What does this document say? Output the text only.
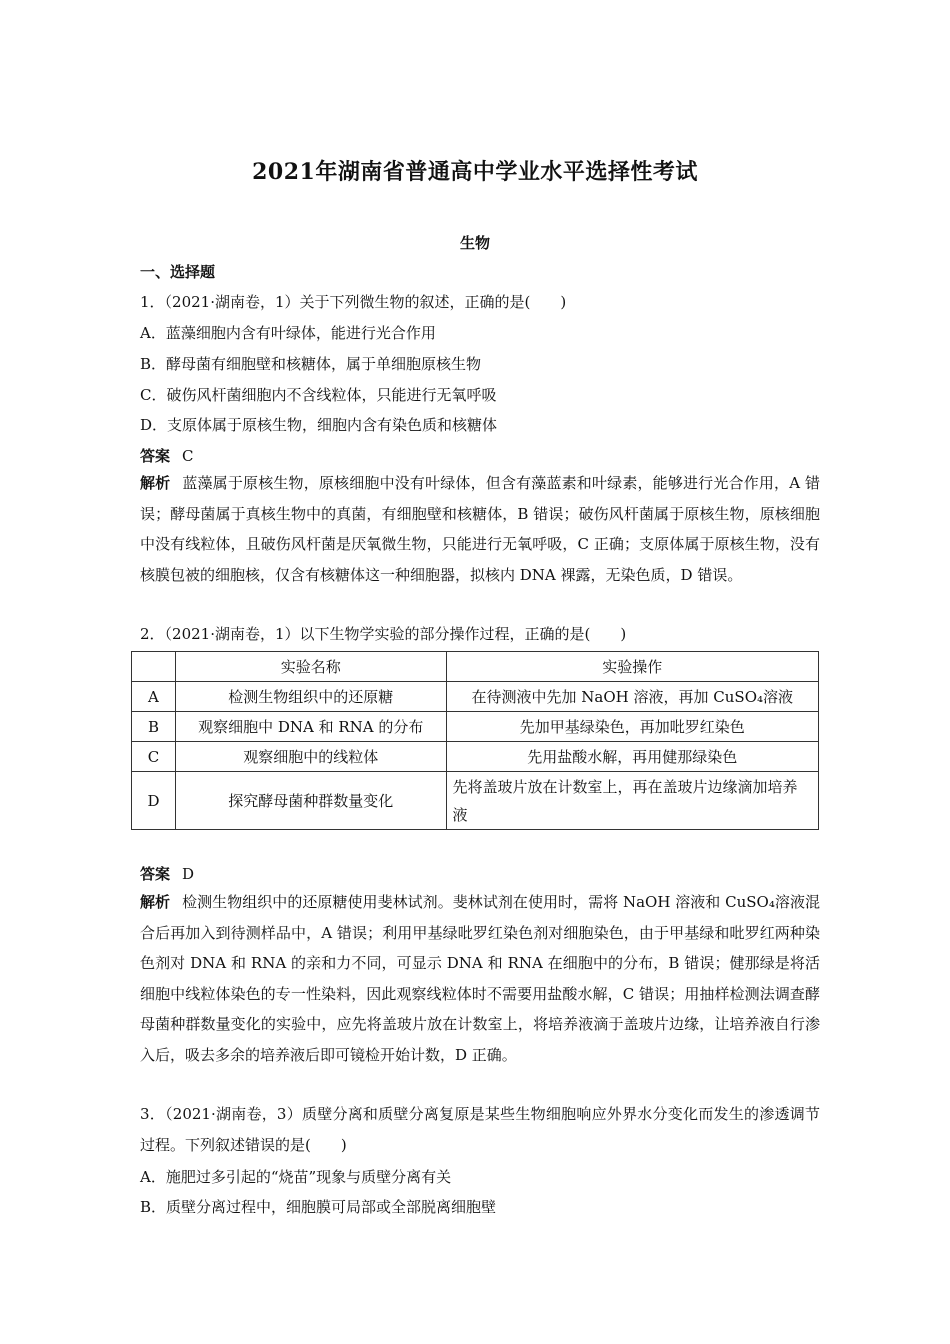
2021年湖南省普通高中学业水平选择性考试
生物
一、选择题
1．（2021·湖南卷，1）关于下列微生物的叙述，正确的是(　　)
A．蓝藻细胞内含有叶绿体，能进行光合作用
B．酵母菌有细胞壁和核糖体，属于单细胞原核生物
C．破伤风杆菌细胞内不含线粒体，只能进行无氧呼吸
D．支原体属于原核生物，细胞内含有染色质和核糖体
答案 C
解析 蓝藻属于原核生物，原核细胞中没有叶绿体，但含有藻蓝素和叶绿素，能够进行光合作用，A 错误；酵母菌属于真核生物中的真菌，有细胞壁和核糖体，B 错误；破伤风杆菌属于原核生物，原核细胞中没有线粒体，且破伤风杆菌是厌氧微生物，只能进行无氧呼吸，C 正确；支原体属于原核生物，没有核膜包被的细胞核，仅含有核糖体这一种细胞器，拟核内 DNA 裸露，无染色质，D 错误。
2．（2021·湖南卷，1）以下生物学实验的部分操作过程，正确的是(　　)
	实验名称	实验操作
A	检测生物组织中的还原糖	在待测液中先加 NaOH 溶液，再加 CuSO₄溶液
B	观察细胞中 DNA 和 RNA 的分布	先加甲基绿染色，再加吡罗红染色
C	观察细胞中的线粒体	先用盐酸水解，再用健那绿染色
D	探究酵母菌种群数量变化	先将盖玻片放在计数室上，再在盖玻片边缘滴加培养液
答案 D
解析 检测生物组织中的还原糖使用斐林试剂。斐林试剂在使用时，需将 NaOH 溶液和 CuSO₄溶液混合后再加入到待测样品中，A 错误；利用甲基绿吡罗红染色剂对细胞染色，由于甲基绿和吡罗红两种染色剂对 DNA 和 RNA 的亲和力不同，可显示 DNA 和 RNA 在细胞中的分布，B 错误；健那绿是将活细胞中线粒体染色的专一性染料，因此观察线粒体时不需要用盐酸水解，C 错误；用抽样检测法调查酵母菌种群数量变化的实验中，应先将盖玻片放在计数室上，将培养液滴于盖玻片边缘，让培养液自行渗入后，吸去多余的培养液后即可镜检开始计数，D 正确。
3．（2021·湖南卷，3）质壁分离和质壁分离复原是某些生物细胞响应外界水分变化而发生的渗透调节过程。下列叙述错误的是(　　)
A．施肥过多引起的“烧苗”现象与质壁分离有关
B．质壁分离过程中，细胞膜可局部或全部脱离细胞壁
